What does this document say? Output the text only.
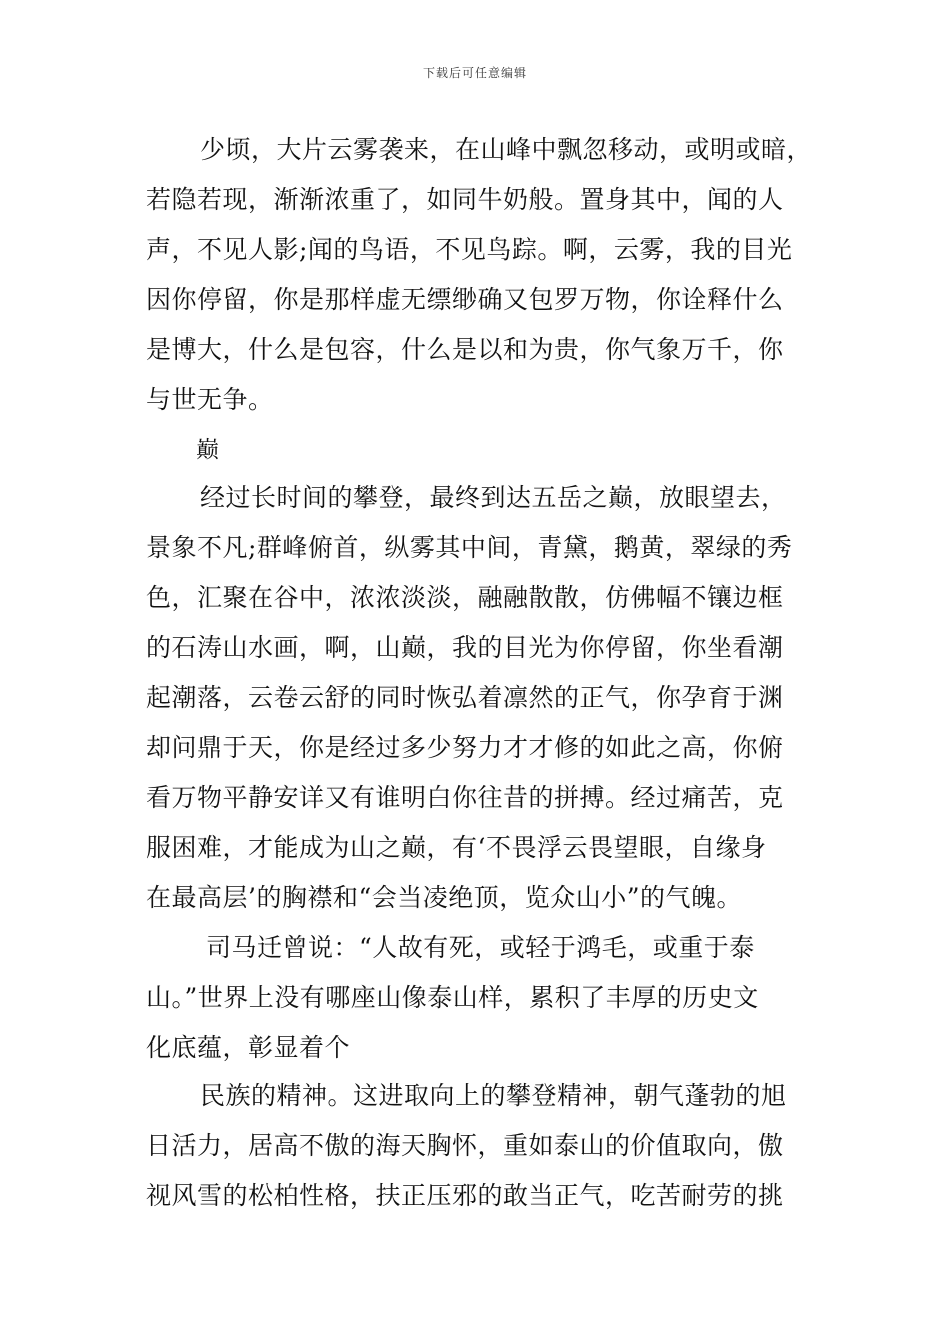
下载后可任意编辑
少顷，大片云雾袭来，在山峰中飘忽移动，或明或暗，
若隐若现，渐渐浓重了，如同牛奶般。置身其中，闻的人
声，不见人影;闻的鸟语，不见鸟踪。啊，云雾，我的目光
因你停留，你是那样虚无缥缈确又包罗万物，你诠释什么
是博大，什么是包容，什么是以和为贵，你气象万千，你
与世无争。
巅
经过长时间的攀登，最终到达五岳之巅，放眼望去，
景象不凡;群峰俯首，纵雾其中间，青黛，鹅黄，翠绿的秀
色，汇聚在谷中，浓浓淡淡，融融散散，仿佛幅不镶边框
的石涛山水画，啊，山巅，我的目光为你停留，你坐看潮
起潮落，云卷云舒的同时恢弘着凛然的正气，你孕育于渊
却问鼎于天，你是经过多少努力才才修的如此之高，你俯
看万物平静安详又有谁明白你往昔的拼搏。经过痛苦，克
服困难，才能成为山之巅，有‘不畏浮云畏望眼，自缘身
在最高层’的胸襟和“会当凌绝顶，览众山小”的气魄。
司马迁曾说：“人故有死，或轻于鸿毛，或重于泰
山。”世界上没有哪座山像泰山样，累积了丰厚的历史文
化底蕴，彰显着个
民族的精神。这进取向上的攀登精神，朝气蓬勃的旭
日活力，居高不傲的海天胸怀，重如泰山的价值取向，傲
视风雪的松柏性格，扶正压邪的敢当正气，吃苦耐劳的挑
